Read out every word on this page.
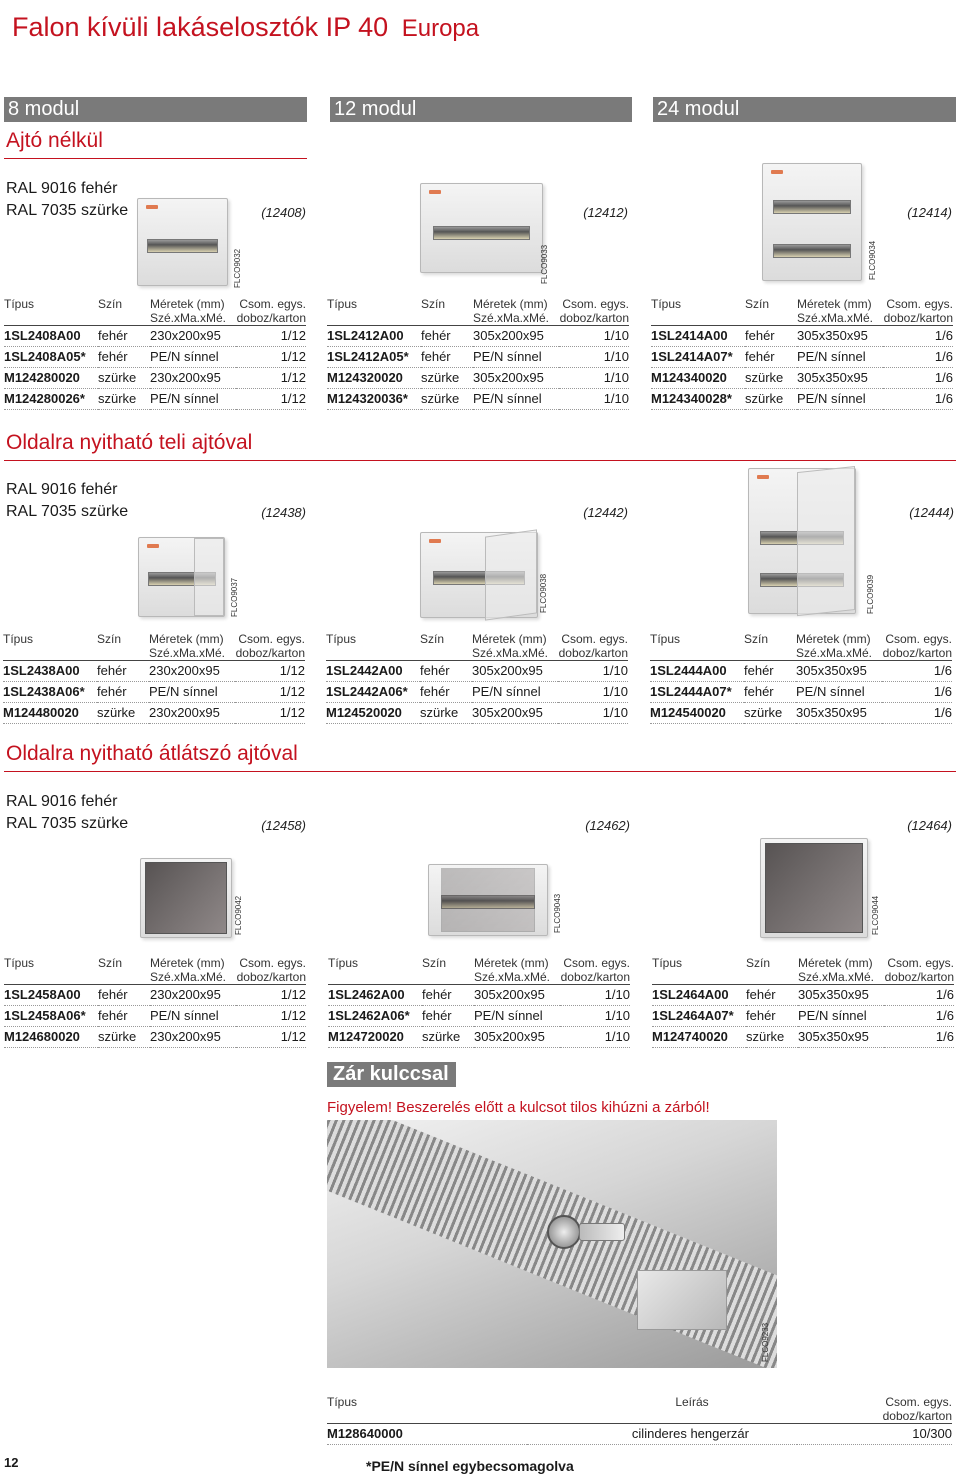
Falon kívüli lakáselosztók IP 40 Europa
8 modul	12 modul	24 modul
Ajtó nélkül
RAL 9016 fehér
RAL 7035 szürke	(12408)	(12412)	(12414)
FLCO9032	FLCO9033	FLCO9034
Típus	Szín	Méretek (mm)	Csom. egys.
		Szé.xMa.xMé.	doboz/karton
1SL2408A00	fehér	230x200x95	1/12
1SL2408A05*	fehér	PE/N sínnel	1/12
M124280020	szürke	230x200x95	1/12
M124280026*	szürke	PE/N sínnel	1/12
Típus	Szín	Méretek (mm)	Csom. egys.
		Szé.xMa.xMé.	doboz/karton
1SL2412A00	fehér	305x200x95	1/10
1SL2412A05*	fehér	PE/N sínnel	1/10
M124320020	szürke	305x200x95	1/10
M124320036*	szürke	PE/N sínnel	1/10
Típus	Szín	Méretek (mm)	Csom. egys.
		Szé.xMa.xMé.	doboz/karton
1SL2414A00	fehér	305x350x95	1/6
1SL2414A07*	fehér	PE/N sínnel	1/6
M124340020	szürke	305x350x95	1/6
M124340028*	szürke	PE/N sínnel	1/6
Oldalra nyitható teli ajtóval
RAL 9016 fehér
RAL 7035 szürke	(12438)	(12442)	(12444)
FLCO9037	FLCO9038	FLCO9039
Típus	Szín	Méretek (mm)	Csom. egys.
		Szé.xMa.xMé.	doboz/karton
1SL2438A00	fehér	230x200x95	1/12
1SL2438A06*	fehér	PE/N sínnel	1/12
M124480020	szürke	230x200x95	1/12
Típus	Szín	Méretek (mm)	Csom. egys.
		Szé.xMa.xMé.	doboz/karton
1SL2442A00	fehér	305x200x95	1/10
1SL2442A06*	fehér	PE/N sínnel	1/10
M124520020	szürke	305x200x95	1/10
Típus	Szín	Méretek (mm)	Csom. egys.
		Szé.xMa.xMé.	doboz/karton
1SL2444A00	fehér	305x350x95	1/6
1SL2444A07*	fehér	PE/N sínnel	1/6
M124540020	szürke	305x350x95	1/6
Oldalra nyitható átlátszó ajtóval
RAL 9016 fehér
RAL 7035 szürke	(12458)	(12462)	(12464)
FLCO9042	FLCO9043	FLCO9044
Típus	Szín	Méretek (mm)	Csom. egys.
		Szé.xMa.xMé.	doboz/karton
1SL2458A00	fehér	230x200x95	1/12
1SL2458A06*	fehér	PE/N sínnel	1/12
M124680020	szürke	230x200x95	1/12
Típus	Szín	Méretek (mm)	Csom. egys.
		Szé.xMa.xMé.	doboz/karton
1SL2462A00	fehér	305x200x95	1/10
1SL2462A06*	fehér	PE/N sínnel	1/10
M124720020	szürke	305x200x95	1/10
Típus	Szín	Méretek (mm)	Csom. egys.
		Szé.xMa.xMé.	doboz/karton
1SL2464A00	fehér	305x350x95	1/6
1SL2464A07*	fehér	PE/N sínnel	1/6
M124740020	szürke	305x350x95	1/6
Zár kulccsal
Figyelem! Beszerelés előtt a kulcsot tilos kihúzni a zárból!
FLCO9233
Típus	Leírás	Csom. egys.
		doboz/karton
M128640000	cilinderes hengerzár	10/300
12	*PE/N sínnel egybecsomagolva
